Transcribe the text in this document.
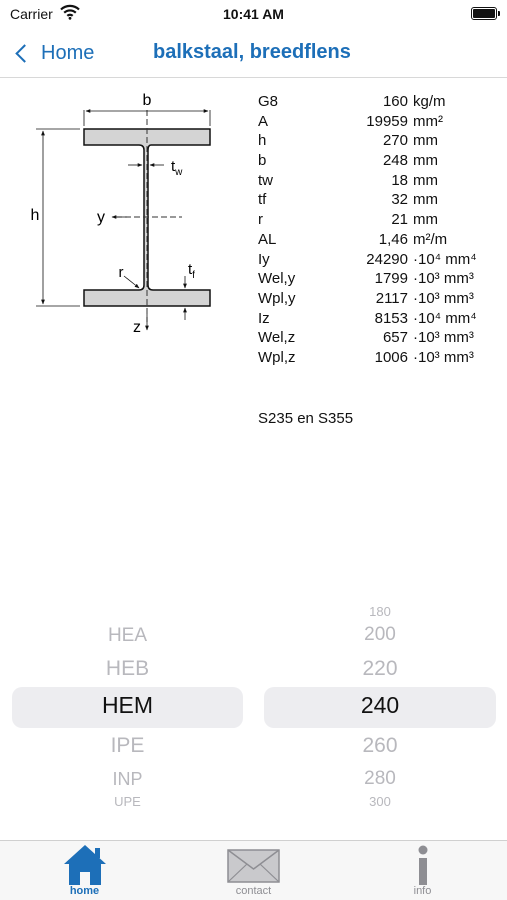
Carrier	10:41 AM
Home	balkstaal, breedflens
b
h	y
z
$t_w$
$t_f$
r
G8	160 kg/m
A	19959 mm²
h	270 mm
b	248 mm
tw	18 mm
tf	32 mm
r	21 mm
AL	1,46 m²/m
Iy	24290 ·10⁴ mm⁴
Wel,y	1799 ·10³ mm³
Wpl,y	2117 ·10³ mm³
Iz	8153 ·10⁴ mm⁴
Wel,z	657 ·10³ mm³
Wpl,z	1006 ·10³ mm³
S235 en S355
HEA
HEB
HEM
IPE
INP
UPE
180
200
220
240
260
280
300
home	contact	info
